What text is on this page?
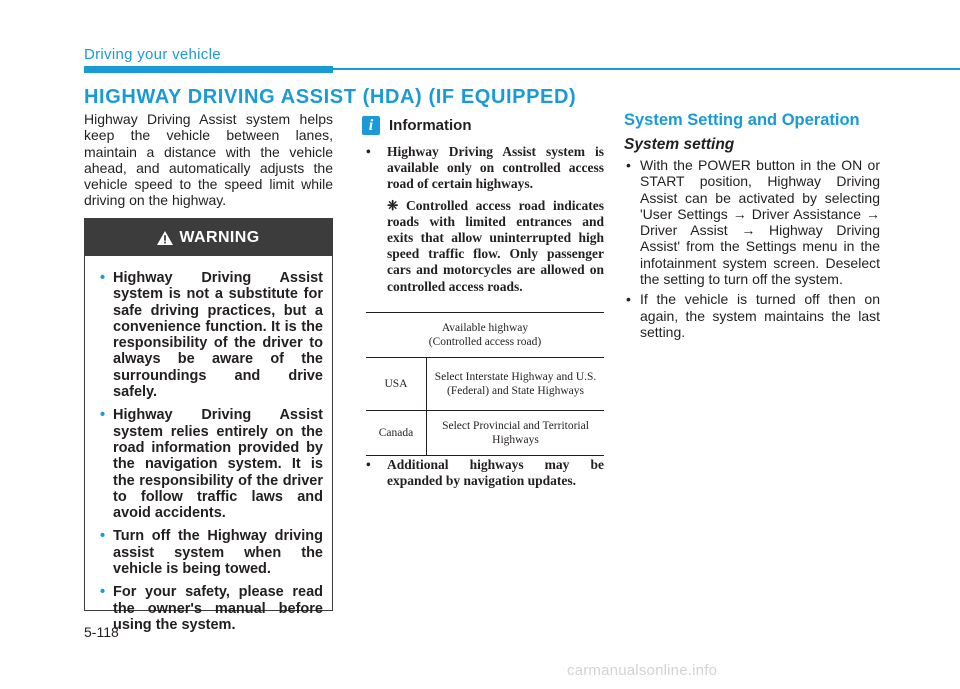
Driving your vehicle
HIGHWAY DRIVING ASSIST (HDA) (IF EQUIPPED)

Highway Driving Assist system helps keep the vehicle between lanes, maintain a distance with the vehicle ahead, and automatically adjusts the vehicle speed to the speed limit while driving on the highway.

WARNING
• Highway Driving Assist system is not a substitute for safe driving practices, but a convenience function. It is the responsibility of the driver to always be aware of the surroundings and drive safely.
• Highway Driving Assist system relies entirely on the road information provided by the navigation system. It is the responsibility of the driver to follow traffic laws and avoid accidents.
• Turn off the Highway driving assist system when the vehicle is being towed.
• For your safety, please read the owner's manual before using the system.
i	Information
• Highway Driving Assist system is available only on controlled access road of certain highways.
❈ Controlled access road indicates roads with limited entrances and exits that allow uninterrupted high speed traffic flow. Only passenger cars and motorcycles are allowed on controlled access roads.
Available highway
(Controlled access road)	
USA	Select Interstate Highway and U.S. (Federal) and State Highways
Canada	Select Provincial and Territorial Highways
• Additional highways may be expanded by navigation updates.
System Setting and Operation
System setting
• With the POWER button in the ON or START position, Highway Driving Assist can be activated by selecting 'User Settings → Driver Assistance → Driver Assist → Highway Driving Assist' from the Settings menu in the infotainment system screen. Deselect the setting to turn off the system.
• If the vehicle is turned off then on again, the system maintains the last setting.
5-118
carmanualsonline.info
